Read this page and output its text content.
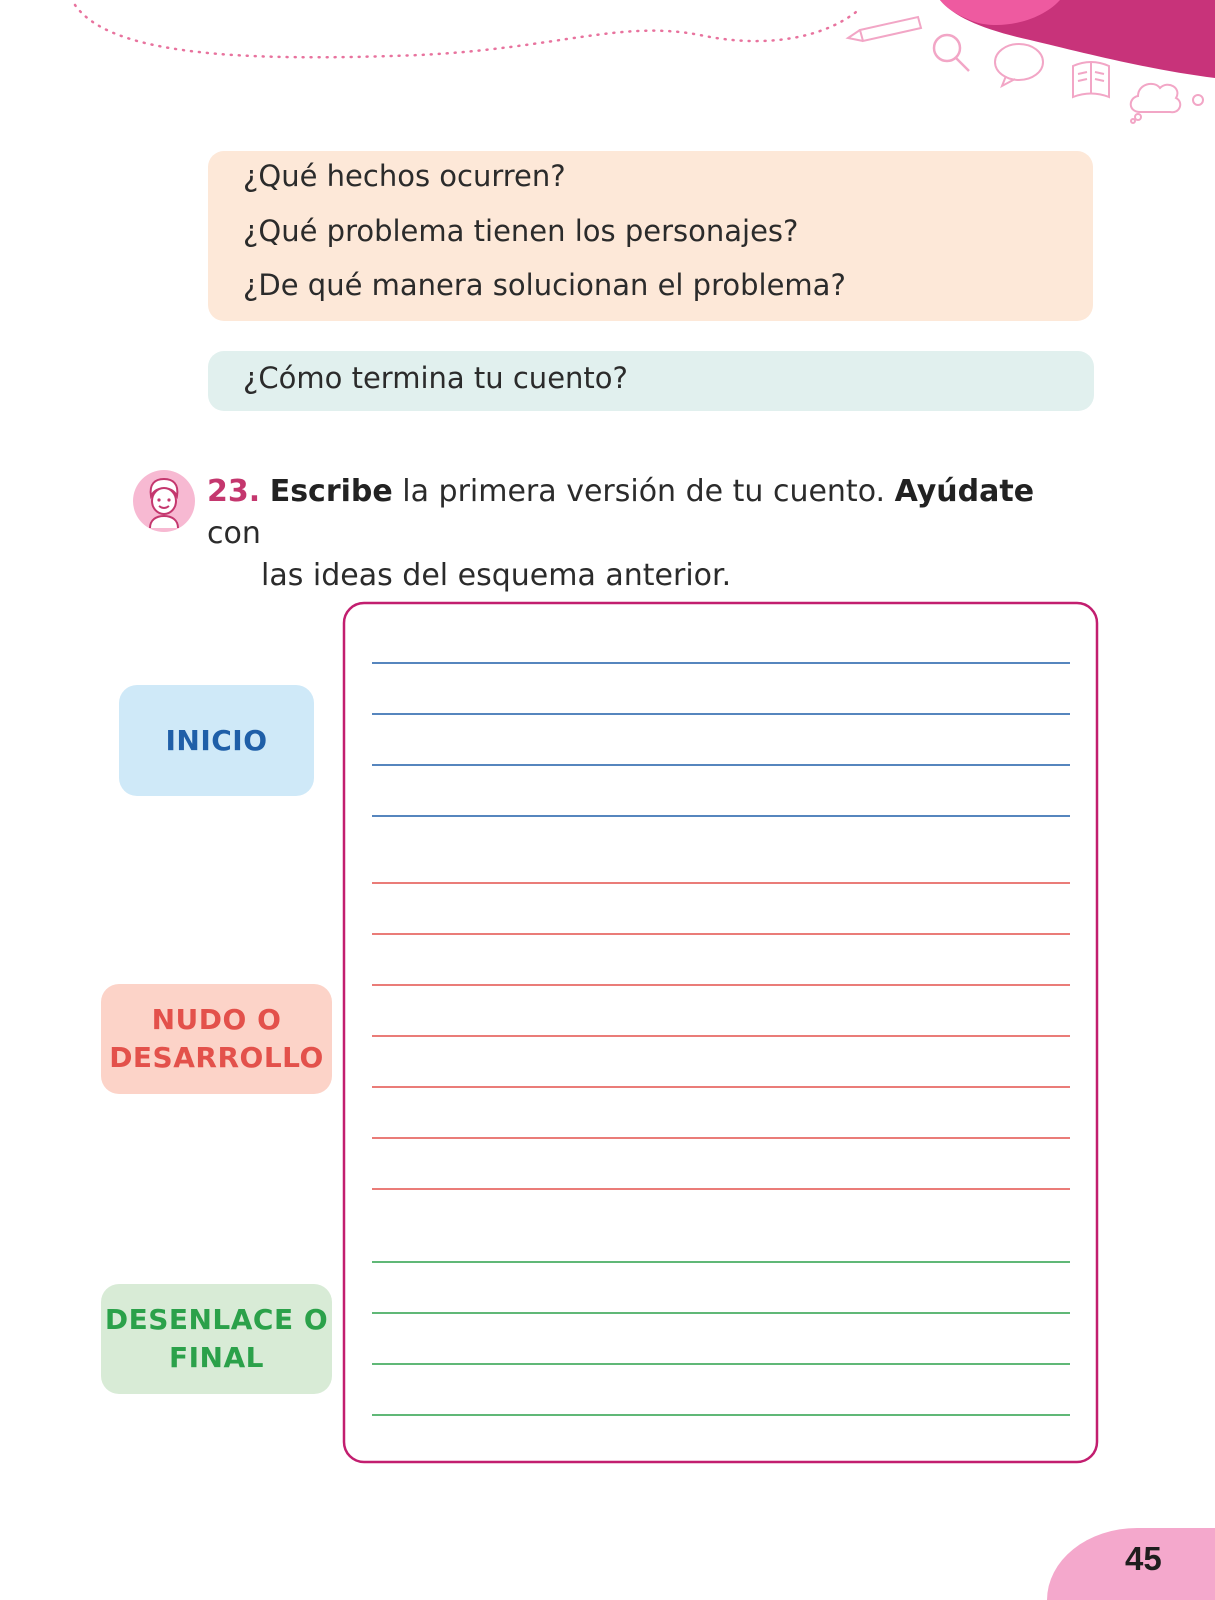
¿Qué hechos ocurren?

¿Qué problema tienen los personajes?

¿De qué manera solucionan el problema?

¿Cómo termina tu cuento?

23. Escribe la primera versión de tu cuento. Ayúdate con
las ideas del esquema anterior.
INICIO
NUDO O
DESARROLLO
DESENLACE O
FINAL
45
